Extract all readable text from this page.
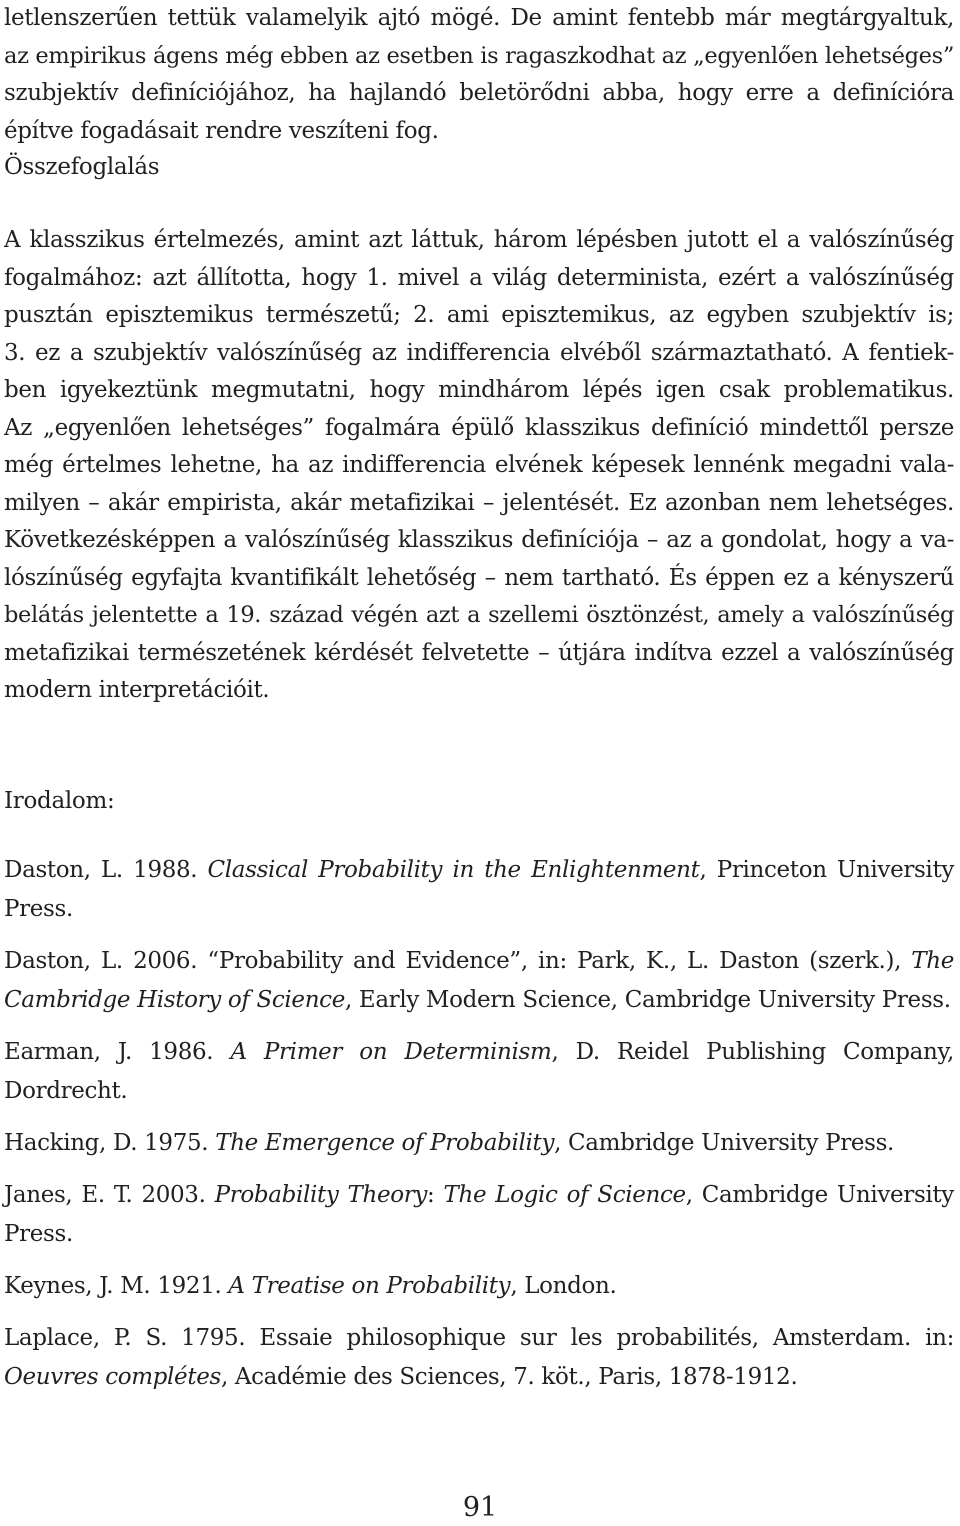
letlenszerűen tettük valamelyik ajtó mögé. De amint fentebb már megtárgyaltuk,
az empirikus ágens még ebben az esetben is ragaszkodhat az „egyenlően lehetséges”
szubjektív definíciójához, ha hajlandó beletörődni abba, hogy erre a definícióra
építve fogadásait rendre veszíteni fog.
Összefoglalás
A klasszikus értelmezés, amint azt láttuk, három lépésben jutott el a valószínűség
fogalmához: azt állította, hogy 1. mivel a világ determinista, ezért a valószínűség
pusztán episztemikus természetű; 2. ami episztemikus, az egyben szubjektív is;
3. ez a szubjektív valószínűség az indifferencia elvéből származtatható. A fentiek-
ben igyekeztünk megmutatni, hogy mindhárom lépés igen csak problematikus.
Az „egyenlően lehetséges” fogalmára épülő klasszikus definíció mindettől persze
még értelmes lehetne, ha az indifferencia elvének képesek lennénk megadni vala-
milyen – akár empirista, akár metafizikai – jelentését. Ez azonban nem lehetséges.
Következésképpen a valószínűség klasszikus definíciója – az a gondolat, hogy a va-
lószínűség egyfajta kvantifikált lehetőség – nem tartható. És éppen ez a kényszerű
belátás jelentette a 19. század végén azt a szellemi ösztönzést, amely a valószínűség
metafizikai természetének kérdését felvetette – útjára indítva ezzel a valószínűség
modern interpretációit.
Irodalom:
Daston, L. 1988. Classical Probability in the Enlightenment, Princeton University Press.
Daston, L. 2006. “Probability and Evidence”, in: Park, K., L. Daston (szerk.), The Cambridge History of Science, Early Modern Science, Cambridge University Press.
Earman, J. 1986. A Primer on Determinism, D. Reidel Publishing Company, Dordrecht.
Hacking, D. 1975. The Emergence of Probability, Cambridge University Press.
Janes, E. T. 2003. Probability Theory: The Logic of Science, Cambridge University Press.
Keynes, J. M. 1921. A Treatise on Probability, London.
Laplace, P. S. 1795. Essaie philosophique sur les probabilités, Amsterdam. in: Oeuvres complétes, Académie des Sciences, 7. köt., Paris, 1878-1912.
91
